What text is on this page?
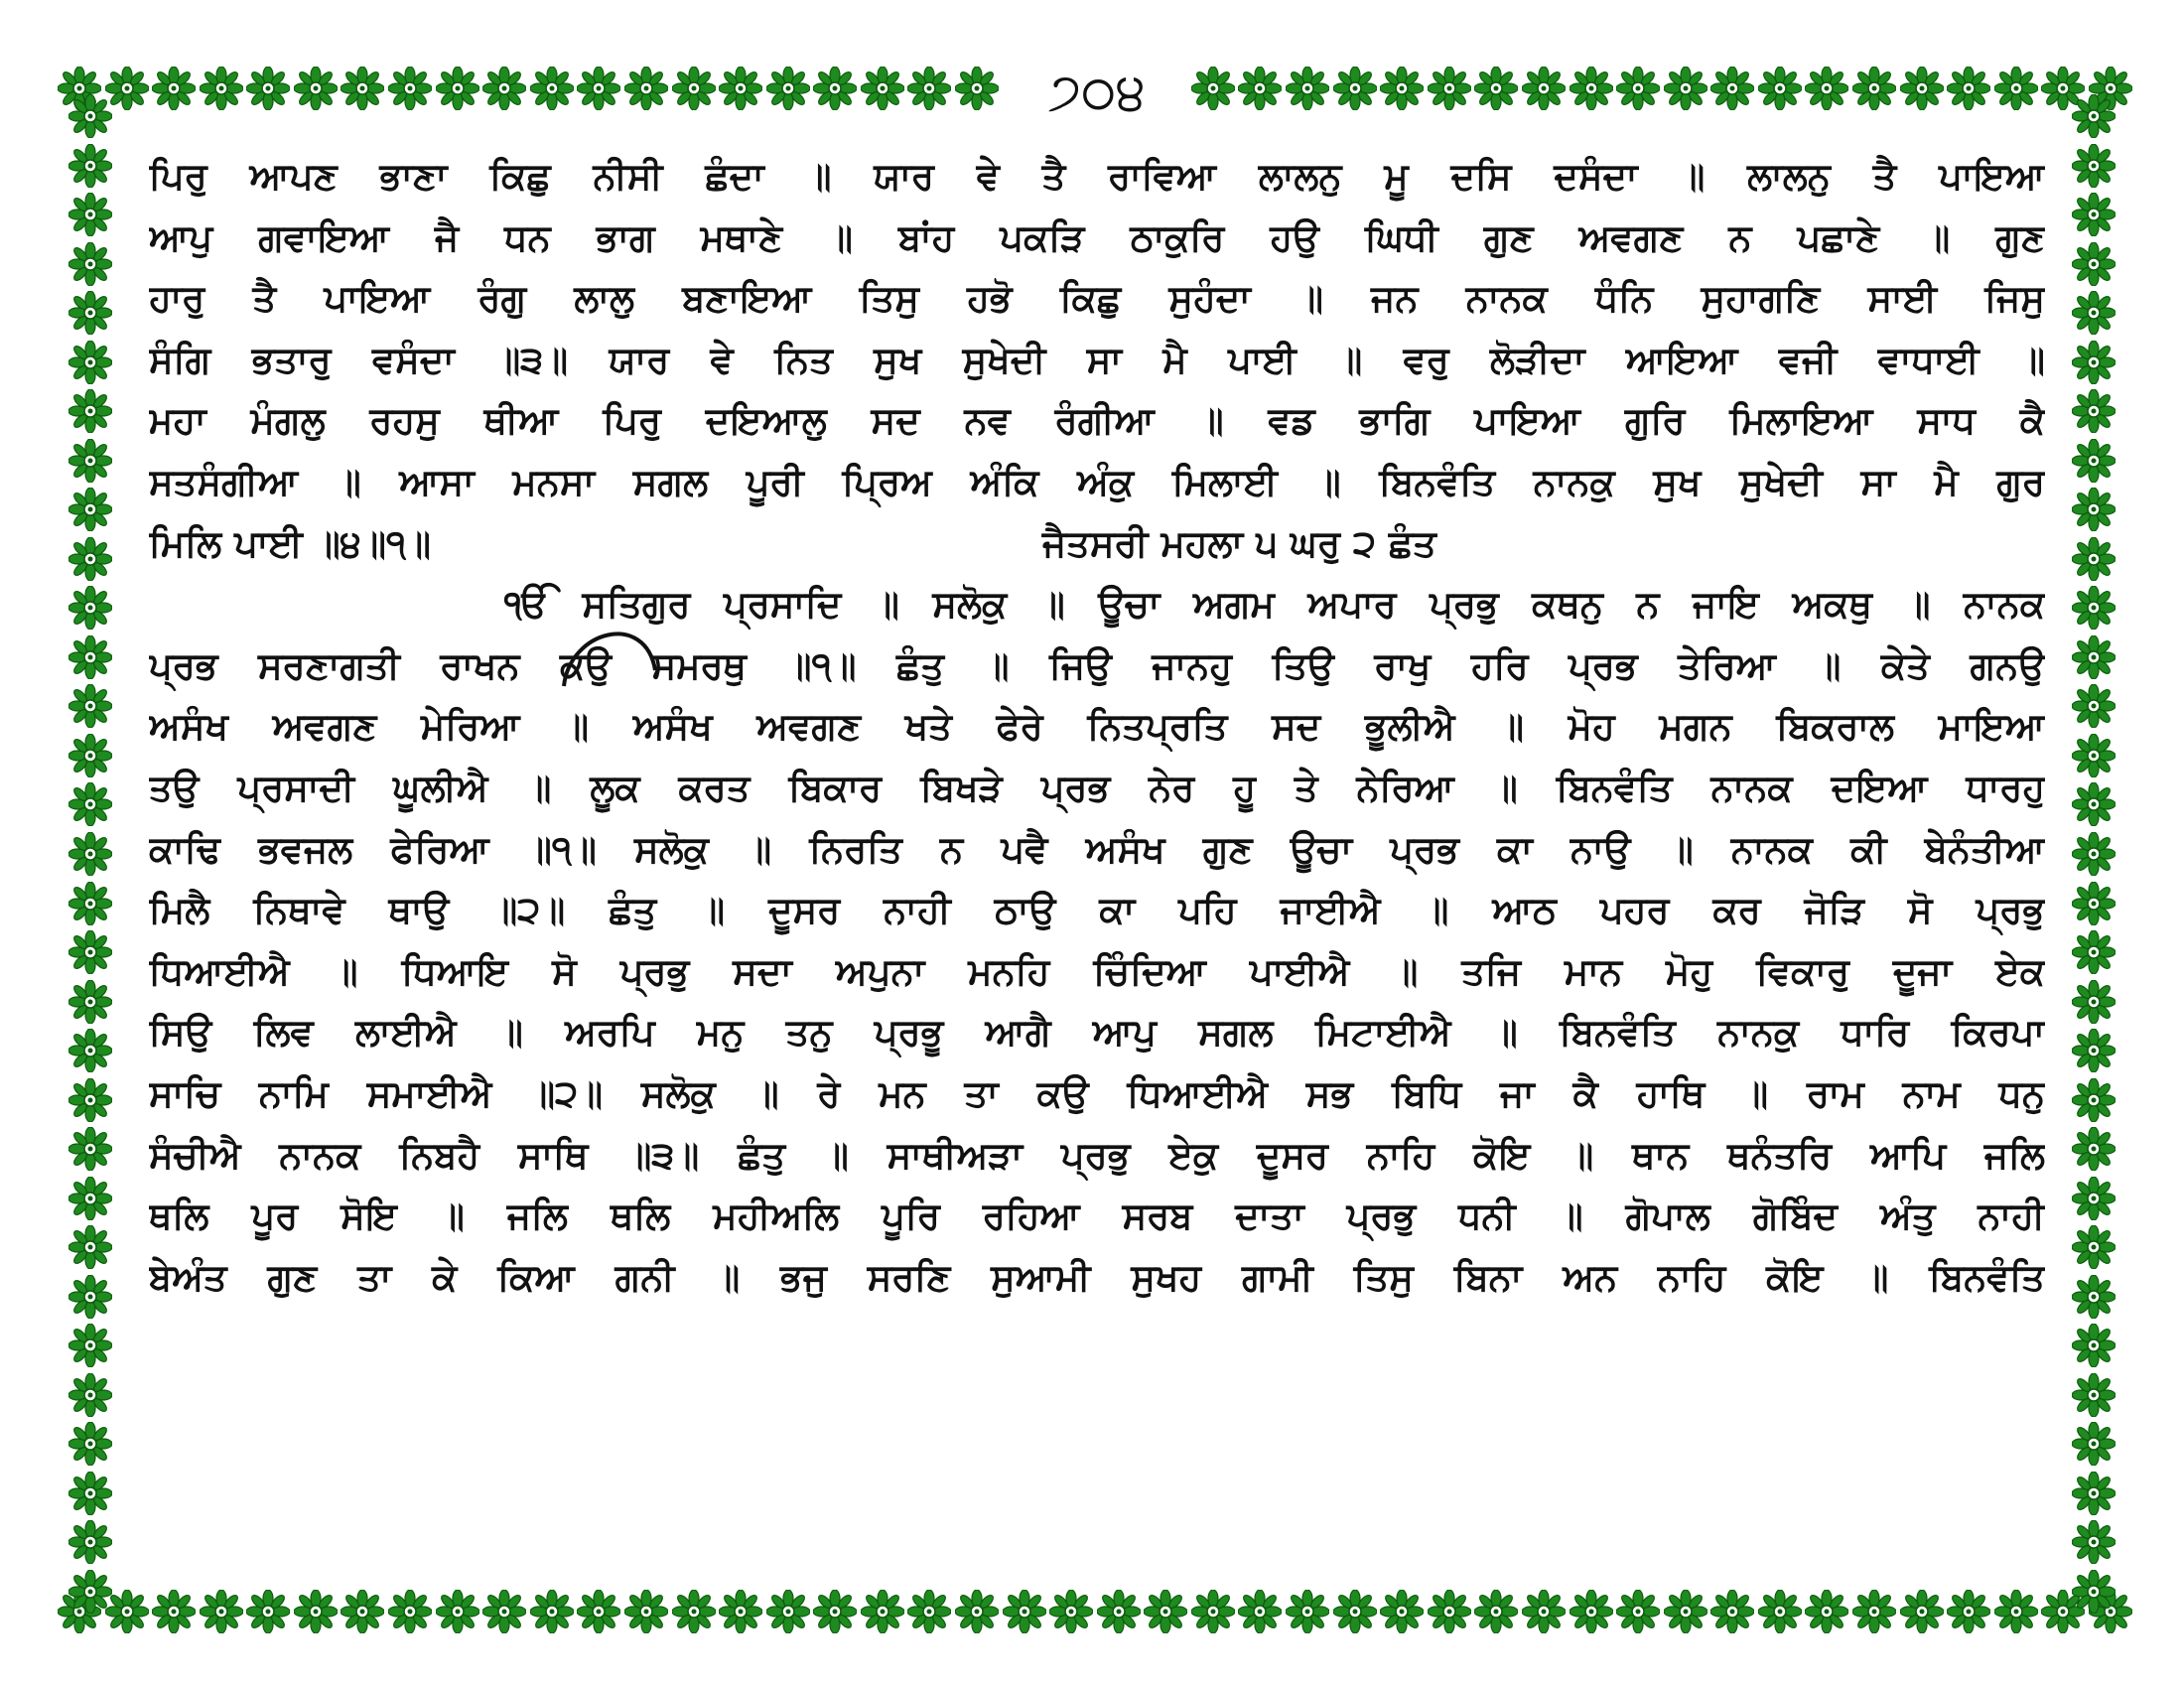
੭੦੪
ਪਿਰੁ ਆਪਣ ਭਾਣਾ ਕਿਛੁ ਨੀਸੀ ਛੰਦਾ ॥ ਯਾਰ ਵੇ ਤੈ ਰਾਵਿਆ ਲਾਲਨੁ ਮੂ ਦਸਿ ਦਸੰਦਾ ॥ ਲਾਲਨੁ ਤੈ ਪਾਇਆ
ਆਪੁ ਗਵਾਇਆ ਜੈ ਧਨ ਭਾਗ ਮਥਾਣੇ ॥ ਬਾਂਹ ਪਕੜਿ ਠਾਕੁਰਿ ਹਉ ਘਿਧੀ ਗੁਣ ਅਵਗਣ ਨ ਪਛਾਣੇ ॥ ਗੁਣ
ਹਾਰੁ ਤੈ ਪਾਇਆ ਰੰਗੁ ਲਾਲੁ ਬਣਾਇਆ ਤਿਸੁ ਹਭੋ ਕਿਛੁ ਸੁਹੰਦਾ ॥ ਜਨ ਨਾਨਕ ਧੰਨਿ ਸੁਹਾਗਣਿ ਸਾਈ ਜਿਸੁ
ਸੰਗਿ ਭਤਾਰੁ ਵਸੰਦਾ ॥੩॥ ਯਾਰ ਵੇ ਨਿਤ ਸੁਖ ਸੁਖੇਦੀ ਸਾ ਮੈ ਪਾਈ ॥ ਵਰੁ ਲੋੜੀਦਾ ਆਇਆ ਵਜੀ ਵਾਧਾਈ ॥
ਮਹਾ ਮੰਗਲੁ ਰਹਸੁ ਥੀਆ ਪਿਰੁ ਦਇਆਲੁ ਸਦ ਨਵ ਰੰਗੀਆ ॥ ਵਡ ਭਾਗਿ ਪਾਇਆ ਗੁਰਿ ਮਿਲਾਇਆ ਸਾਧ ਕੈ
ਸਤਸੰਗੀਆ ॥ ਆਸਾ ਮਨਸਾ ਸਗਲ ਪੂਰੀ ਪ੍ਰਿਅ ਅੰਕਿ ਅੰਕੁ ਮਿਲਾਈ ॥ ਬਿਨਵੰਤਿ ਨਾਨਕੁ ਸੁਖ ਸੁਖੇਦੀ ਸਾ ਮੈ ਗੁਰ
ਮਿਲਿ ਪਾਈ ॥੪॥੧॥	ਜੈਤਸਰੀ ਮਹਲਾ ੫ ਘਰੁ ੨ ਛੰਤ
ੴ ਸਤਿਗੁਰ ਪ੍ਰਸਾਦਿ ॥ ਸਲੋਕੁ ॥ ਊਚਾ ਅਗਮ ਅਪਾਰ ਪ੍ਰਭੁ ਕਥਨੁ ਨ ਜਾਇ ਅਕਥੁ ॥ ਨਾਨਕ
ਪ੍ਰਭ ਸਰਣਾਗਤੀ ਰਾਖਨ ਕਉ ਸਮਰਥੁ ॥੧॥ ਛੰਤੁ ॥ ਜਿਉ ਜਾਨਹੁ ਤਿਉ ਰਾਖੁ ਹਰਿ ਪ੍ਰਭ ਤੇਰਿਆ ॥ ਕੇਤੇ ਗਨਉ
ਅਸੰਖ ਅਵਗਣ ਮੇਰਿਆ ॥ ਅਸੰਖ ਅਵਗਣ ਖਤੇ ਫੇਰੇ ਨਿਤਪ੍ਰਤਿ ਸਦ ਭੂਲੀਐ ॥ ਮੋਹ ਮਗਨ ਬਿਕਰਾਲ ਮਾਇਆ
ਤਉ ਪ੍ਰਸਾਦੀ ਘੂਲੀਐ ॥ ਲੂਕ ਕਰਤ ਬਿਕਾਰ ਬਿਖੜੇ ਪ੍ਰਭ ਨੇਰ ਹੂ ਤੇ ਨੇਰਿਆ ॥ ਬਿਨਵੰਤਿ ਨਾਨਕ ਦਇਆ ਧਾਰਹੁ
ਕਾਢਿ ਭਵਜਲ ਫੇਰਿਆ ॥੧॥ ਸਲੋਕੁ ॥ ਨਿਰਤਿ ਨ ਪਵੈ ਅਸੰਖ ਗੁਣ ਊਚਾ ਪ੍ਰਭ ਕਾ ਨਾਉ ॥ ਨਾਨਕ ਕੀ ਬੇਨੰਤੀਆ
ਮਿਲੈ ਨਿਥਾਵੇ ਥਾਉ ॥੨॥ ਛੰਤੁ ॥ ਦੂਸਰ ਨਾਹੀ ਠਾਉ ਕਾ ਪਹਿ ਜਾਈਐ ॥ ਆਠ ਪਹਰ ਕਰ ਜੋੜਿ ਸੋ ਪ੍ਰਭੁ
ਧਿਆਈਐ ॥ ਧਿਆਇ ਸੋ ਪ੍ਰਭੁ ਸਦਾ ਅਪੁਨਾ ਮਨਹਿ ਚਿੰਦਿਆ ਪਾਈਐ ॥ ਤਜਿ ਮਾਨ ਮੋਹੁ ਵਿਕਾਰੁ ਦੂਜਾ ਏਕ
ਸਿਉ ਲਿਵ ਲਾਈਐ ॥ ਅਰਪਿ ਮਨੁ ਤਨੁ ਪ੍ਰਭੂ ਆਗੈ ਆਪੁ ਸਗਲ ਮਿਟਾਈਐ ॥ ਬਿਨਵੰਤਿ ਨਾਨਕੁ ਧਾਰਿ ਕਿਰਪਾ
ਸਾਚਿ ਨਾਮਿ ਸਮਾਈਐ ॥੨॥ ਸਲੋਕੁ ॥ ਰੇ ਮਨ ਤਾ ਕਉ ਧਿਆਈਐ ਸਭ ਬਿਧਿ ਜਾ ਕੈ ਹਾਥਿ ॥ ਰਾਮ ਨਾਮ ਧਨੁ
ਸੰਚੀਐ ਨਾਨਕ ਨਿਬਹੈ ਸਾਥਿ ॥੩॥ ਛੰਤੁ ॥ ਸਾਥੀਅੜਾ ਪ੍ਰਭੁ ਏਕੁ ਦੂਸਰ ਨਾਹਿ ਕੋਇ ॥ ਥਾਨ ਥਨੰਤਰਿ ਆਪਿ ਜਲਿ
ਥਲਿ ਪੂਰ ਸੋਇ ॥ ਜਲਿ ਥਲਿ ਮਹੀਅਲਿ ਪੂਰਿ ਰਹਿਆ ਸਰਬ ਦਾਤਾ ਪ੍ਰਭੁ ਧਨੀ ॥ ਗੋਪਾਲ ਗੋਬਿੰਦ ਅੰਤੁ ਨਾਹੀ
ਬੇਅੰਤ ਗੁਣ ਤਾ ਕੇ ਕਿਆ ਗਨੀ ॥ ਭਜੁ ਸਰਣਿ ਸੁਆਮੀ ਸੁਖਹ ਗਾਮੀ ਤਿਸੁ ਬਿਨਾ ਅਨ ਨਾਹਿ ਕੋਇ ॥ ਬਿਨਵੰਤਿ
